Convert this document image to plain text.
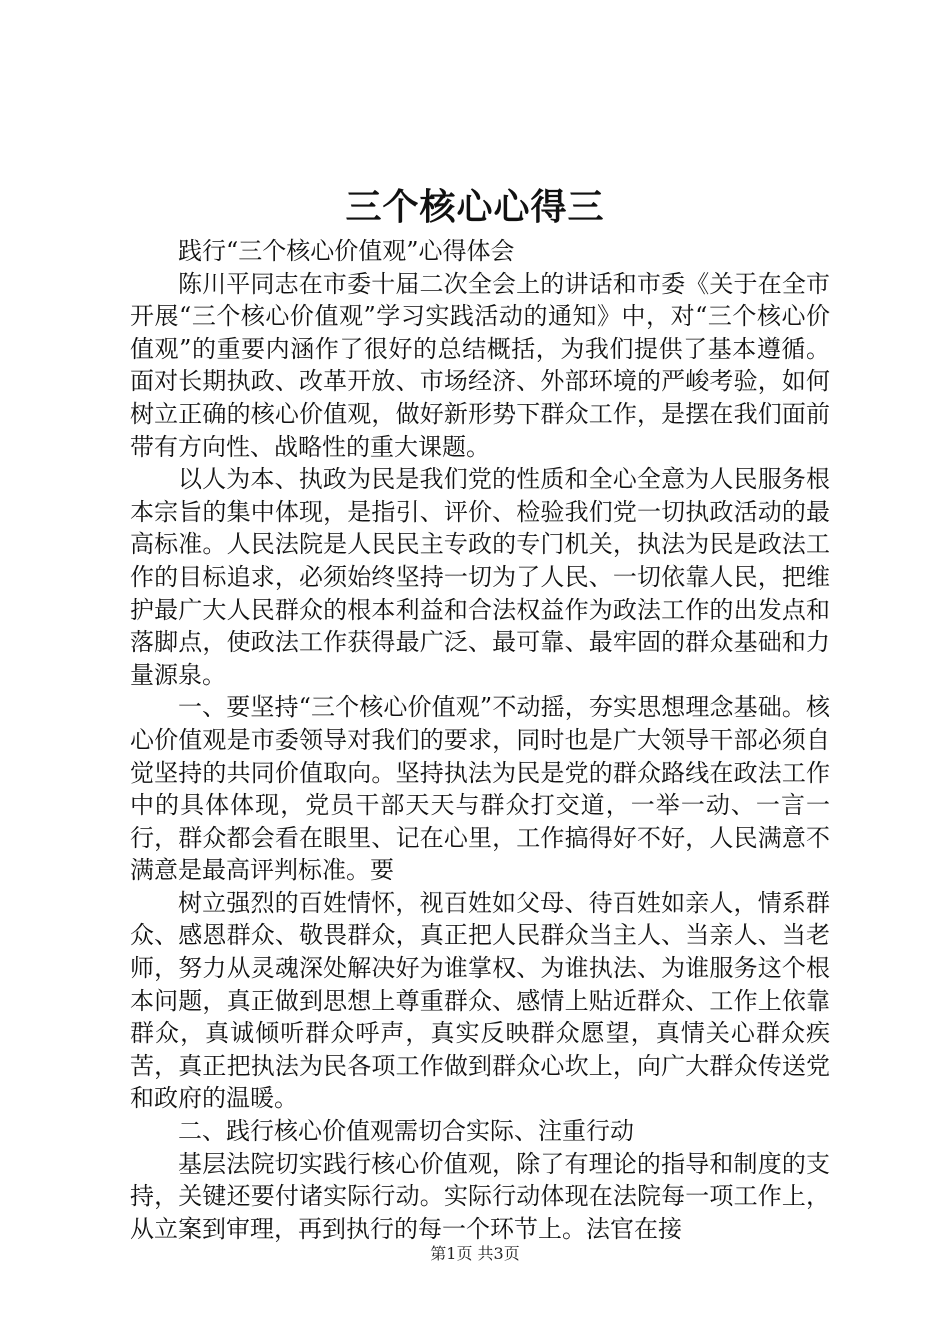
三个核心心得三

践行“三个核心价值观”心得体会

陈川平同志在市委十届二次全会上的讲话和市委《关于在全市开展“三个核心价值观”学习实践活动的通知》中，对“三个核心价值观”的重要内涵作了很好的总结概括，为我们提供了基本遵循。面对长期执政、改革开放、市场经济、外部环境的严峻考验，如何树立正确的核心价值观，做好新形势下群众工作，是摆在我们面前带有方向性、战略性的重大课题。

以人为本、执政为民是我们党的性质和全心全意为人民服务根本宗旨的集中体现，是指引、评价、检验我们党一切执政活动的最高标准。人民法院是人民民主专政的专门机关，执法为民是政法工作的目标追求，必须始终坚持一切为了人民、一切依靠人民，把维护最广大人民群众的根本利益和合法权益作为政法工作的出发点和落脚点，使政法工作获得最广泛、最可靠、最牢固的群众基础和力量源泉。

一、要坚持“三个核心价值观”不动摇，夯实思想理念基础。核心价值观是市委领导对我们的要求，同时也是广大领导干部必须自觉坚持的共同价值取向。坚持执法为民是党的群众路线在政法工作中的具体体现，党员干部天天与群众打交道，一举一动、一言一行，群众都会看在眼里、记在心里，工作搞得好不好，人民满意不满意是最高评判标准。要

树立强烈的百姓情怀，视百姓如父母、待百姓如亲人，情系群众、感恩群众、敬畏群众，真正把人民群众当主人、当亲人、当老师，努力从灵魂深处解决好为谁掌权、为谁执法、为谁服务这个根本问题，真正做到思想上尊重群众、感情上贴近群众、工作上依靠群众，真诚倾听群众呼声，真实反映群众愿望，真情关心群众疾苦，真正把执法为民各项工作做到群众心坎上，向广大群众传送党和政府的温暖。

二、践行核心价值观需切合实际、注重行动

基层法院切实践行核心价值观，除了有理论的指导和制度的支持，关键还要付诸实际行动。实际行动体现在法院每一项工作上，从立案到审理，再到执行的每一个环节上。法官在接

第1页 共3页
